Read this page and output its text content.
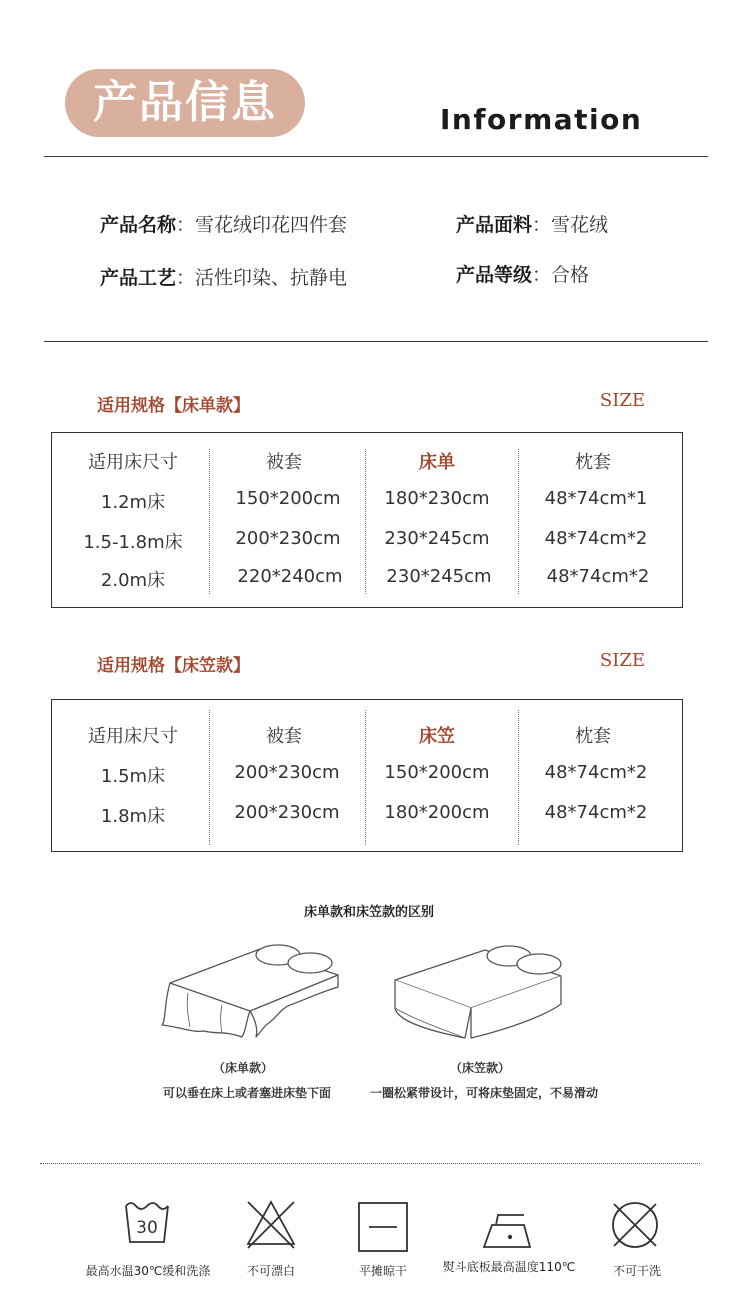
产品信息	Information
产品名称：雪花绒印花四件套	产品面料：雪花绒
产品工艺：活性印染、抗静电	产品等级：合格
适用规格【床单款】	SIZE
适用床尺寸	被套	床单	枕套
1.2m床	150*200cm	180*230cm	48*74cm*1
1.5-1.8m床	200*230cm	230*245cm	48*74cm*2
2.0m床	220*240cm	230*245cm	48*74cm*2
适用规格【床笠款】	SIZE
适用床尺寸	被套	床笠	枕套
1.5m床	200*230cm	150*200cm	48*74cm*2
1.8m床	200*230cm	180*200cm	48*74cm*2
床单款和床笠款的区别
（床单款）
可以垂在床上或者塞进床垫下面
（床笠款）
一圈松紧带设计，可将床垫固定，不易滑动
30
最高水温30℃缓和洗涤	不可漂白	平摊晾干	熨斗底板最高温度110℃	不可干洗
